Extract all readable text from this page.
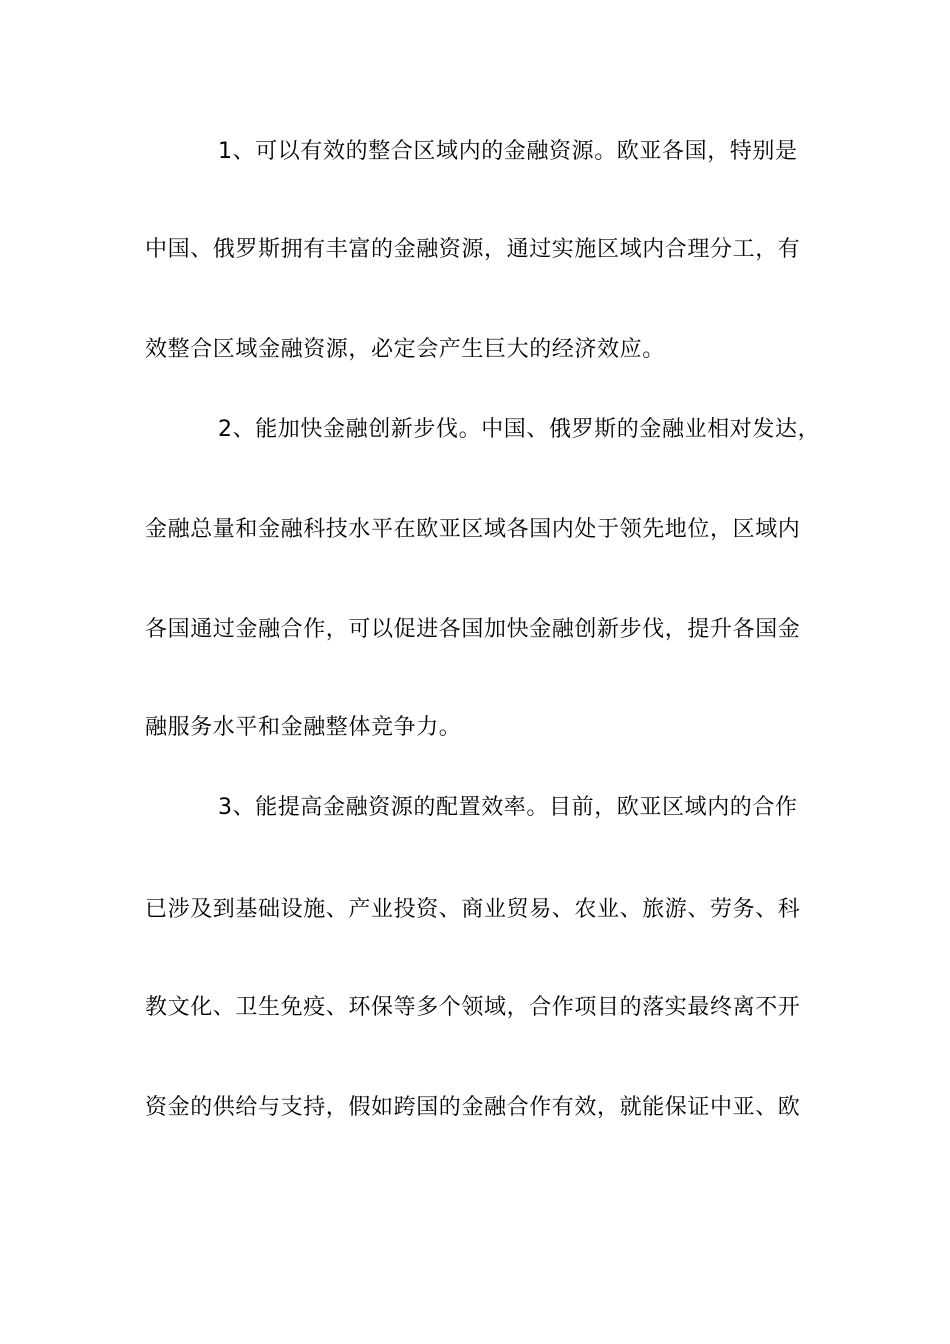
1、可以有效的整合区域内的金融资源。欧亚各国，特别是
中国、俄罗斯拥有丰富的金融资源，通过实施区域内合理分工，有
效整合区域金融资源，必定会产生巨大的经济效应。
2、能加快金融创新步伐。中国、俄罗斯的金融业相对发达，
金融总量和金融科技水平在欧亚区域各国内处于领先地位，区域内
各国通过金融合作，可以促进各国加快金融创新步伐，提升各国金
融服务水平和金融整体竞争力。
3、能提高金融资源的配置效率。目前，欧亚区域内的合作
已涉及到基础设施、产业投资、商业贸易、农业、旅游、劳务、科
教文化、卫生免疫、环保等多个领域，合作项目的落实最终离不开
资金的供给与支持，假如跨国的金融合作有效，就能保证中亚、欧
